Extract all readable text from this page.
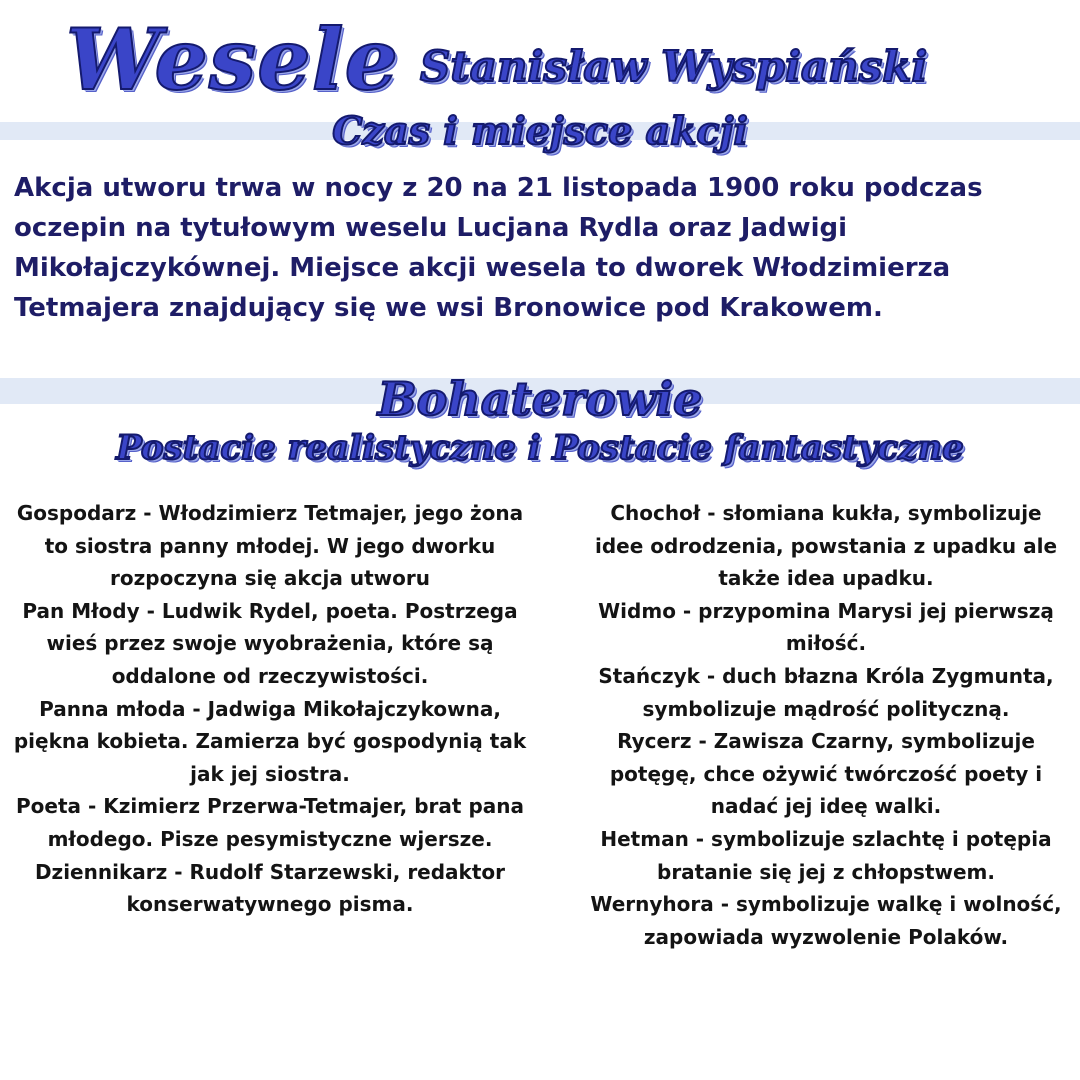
Wesele Stanisław Wyspiański
Czas i miejsce akcji

Akcja utworu trwa w nocy z 20 na 21 listopada 1900 roku podczas oczepin na tytułowym weselu Lucjana Rydla oraz Jadwigi Mikołajczykównej. Miejsce akcji wesela to dworek Włodzimierza Tetmajera znajdujący się we wsi Bronowice pod Krakowem.

Bohaterowie
Postacie realistyczne i Postacie fantastyczne

Gospodarz - Włodzimierz Tetmajer, jego żona to siostra panny młodej. W jego dworku rozpoczyna się akcja utworu

Pan Młody - Ludwik Rydel, poeta. Postrzega wieś przez swoje wyobrażenia, które są oddalone od rzeczywistości.

Panna młoda - Jadwiga Mikołajczykowna, piękna kobieta. Zamierza być gospodynią tak jak jej siostra.

Poeta - Kzimierz Przerwa-Tetmajer, brat pana młodego. Pisze pesymistyczne wjersze.

Dziennikarz - Rudolf Starzewski, redaktor konserwatywnego pisma.

Chochoł - słomiana kukła, symbolizuje idee odrodzenia, powstania z upadku ale także idea upadku.

Widmo - przypomina Marysi jej pierwszą miłość.

Stańczyk - duch błazna Króla Zygmunta, symbolizuje mądrość polityczną.

Rycerz - Zawisza Czarny, symbolizuje potęgę, chce ożywić twórczość poety i nadać jej ideę walki.

Hetman - symbolizuje szlachtę i potępia bratanie się jej z chłopstwem.

Wernyhora - symbolizuje walkę i wolność, zapowiada wyzwolenie Polaków.
